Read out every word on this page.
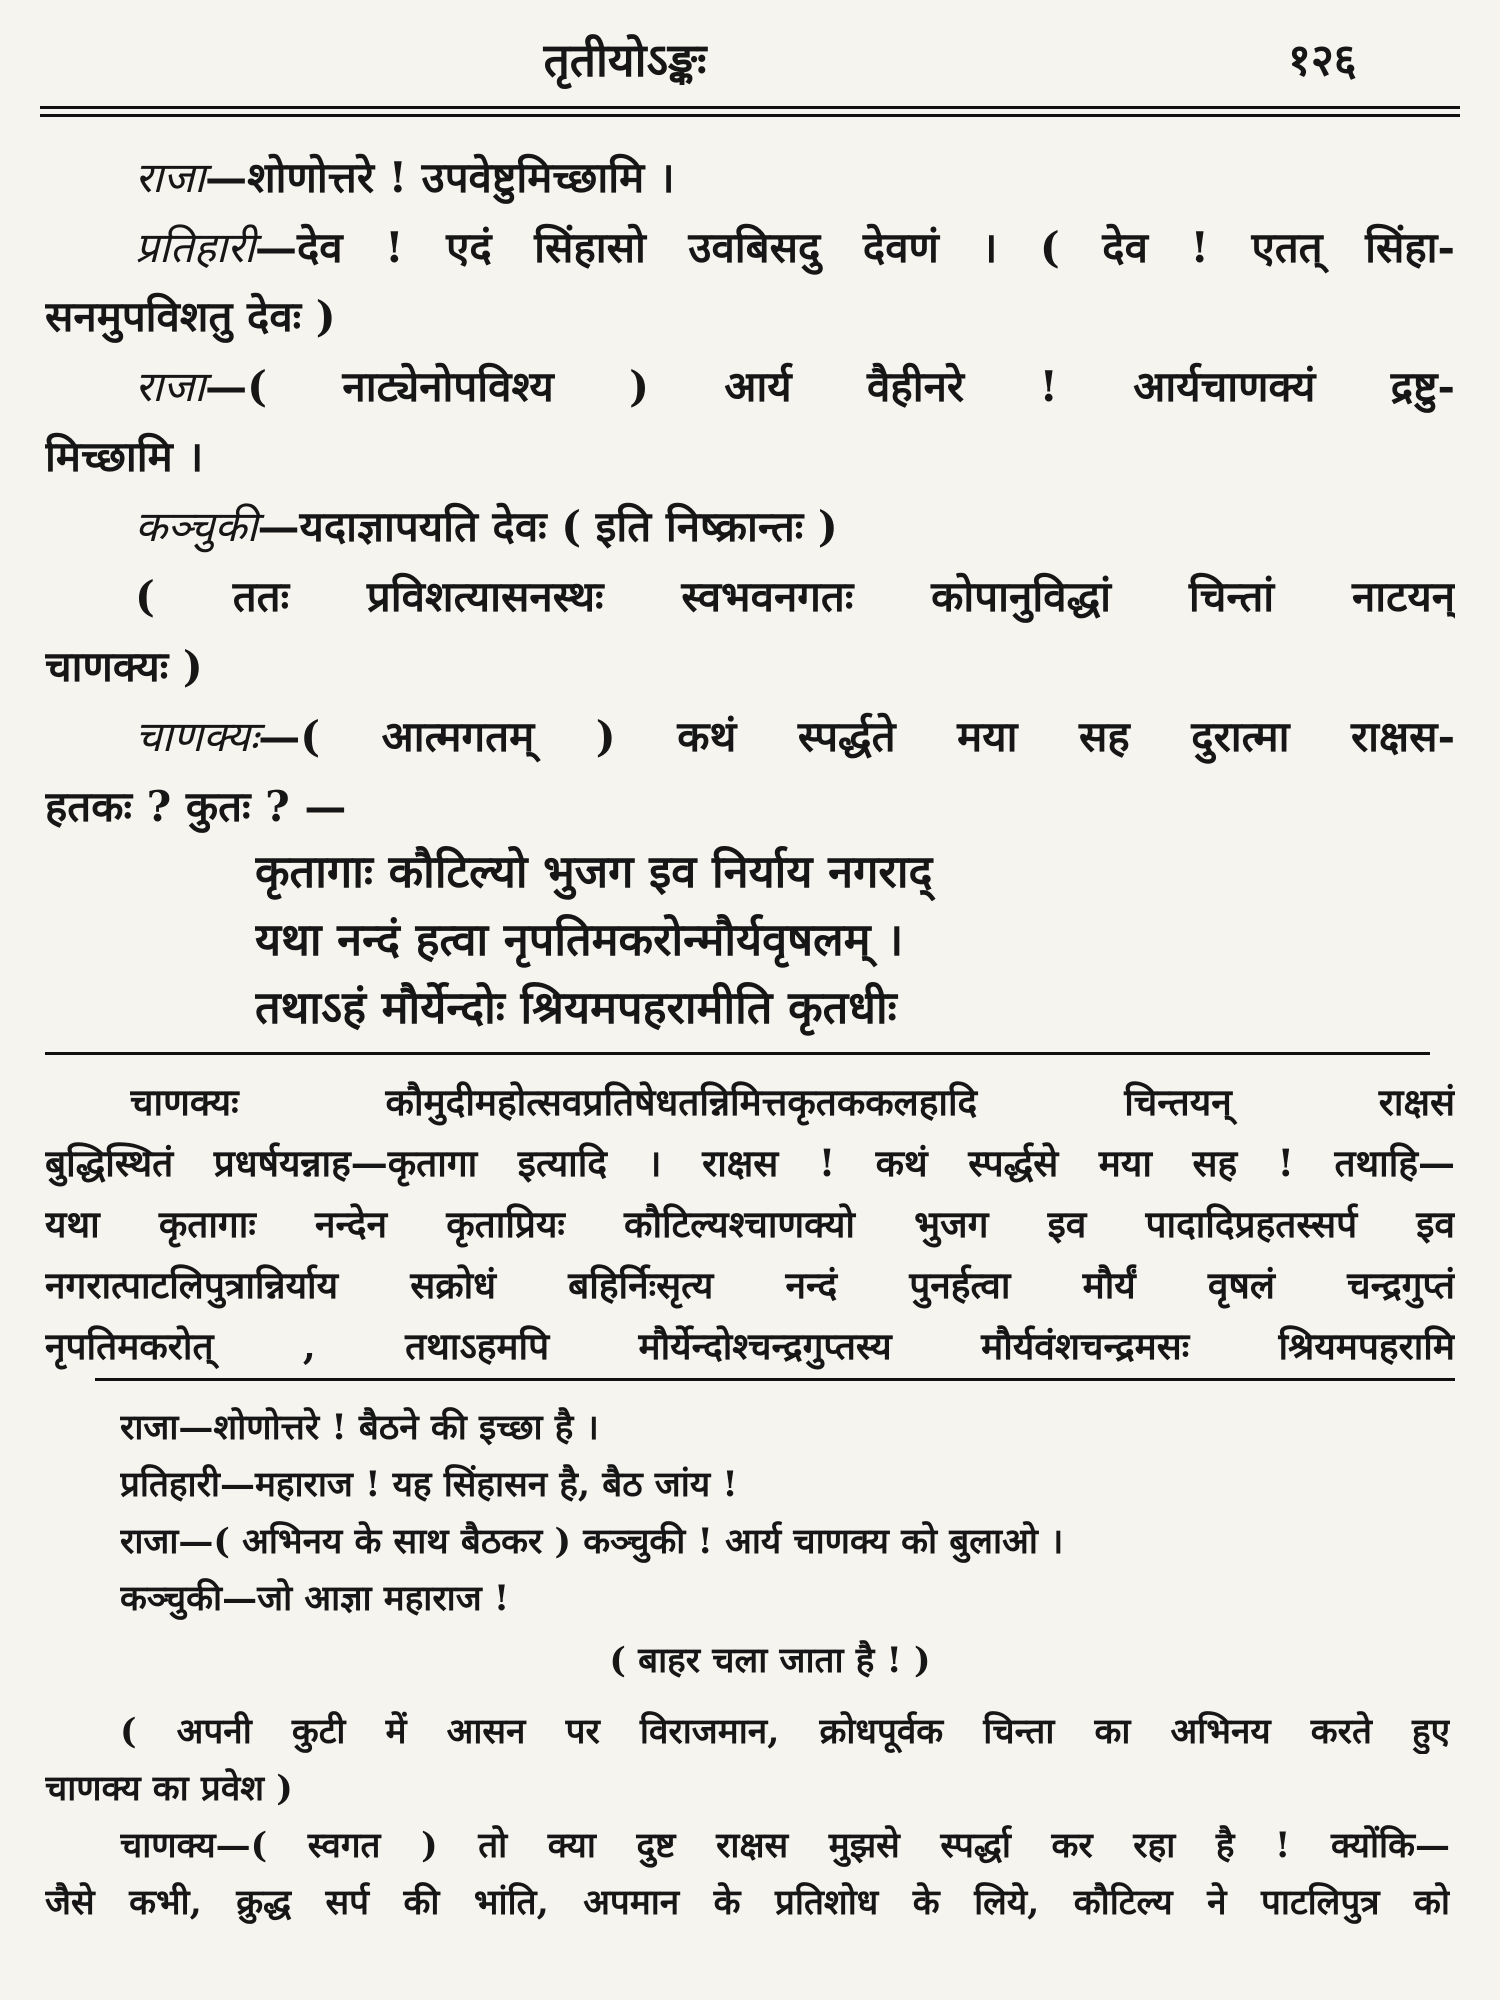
तृतीयोऽङ्कः	१२६
राजा—शोणोत्तरे ! उपवेष्टुमिच्छामि ।
प्रतिहारी—देव ! एदं सिंहासो उवबिसदु देवणं । ( देव ! एतत् सिंहा-
सनमुपविशतु देवः )
राजा—( नाट्येनोपविश्य ) आर्य वैहीनरे ! आर्यचाणक्यं द्रष्टु-
मिच्छामि ।
कञ्चुकी—यदाज्ञापयति देवः ( इति निष्क्रान्तः )
( ततः प्रविशत्यासनस्थः स्वभवनगतः कोपानुविद्धां चिन्तां नाटयन्
चाणक्यः )
चाणक्यः—( आत्मगतम् ) कथं स्पर्द्धते मया सह दुरात्मा राक्षस-
हतकः ? कुतः ? —
कृतागाः कौटिल्यो भुजग इव निर्याय नगराद्
यथा नन्दं हत्वा नृपतिमकरोन्मौर्यवृषलम् ।
तथाऽहं मौर्येन्दोः श्रियमपहरामीति कृतधीः
चाणक्यः कौमुदीमहोत्सवप्रतिषेधतन्निमित्तकृतककलहादि चिन्तयन् राक्षसं
बुद्धिस्थितं प्रधर्षयन्नाह—कृतागा इत्यादि । राक्षस ! कथं स्पर्द्धसे मया सह ! तथाहि—
यथा कृतागाः नन्देन कृताप्रियः कौटिल्यश्चाणक्यो भुजग इव पादादिप्रहतस्सर्प इव
नगरात्पाटलिपुत्रान्निर्याय सक्रोधं बहिर्निःसृत्य नन्दं पुनर्हत्वा मौर्यं वृषलं चन्द्रगुप्तं
नृपतिमकरोत् , तथाऽहमपि मौर्येन्दोश्चन्द्रगुप्तस्य मौर्यवंशचन्द्रमसः श्रियमपहरामि
राजा—शोणोत्तरे ! बैठने की इच्छा है ।
प्रतिहारी—महाराज ! यह सिंहासन है, बैठ जांय !
राजा—( अभिनय के साथ बैठकर ) कञ्चुकी ! आर्य चाणक्य को बुलाओ ।
कञ्चुकी—जो आज्ञा महाराज !
( बाहर चला जाता है ! )
( अपनी कुटी में आसन पर विराजमान, क्रोधपूर्वक चिन्ता का अभिनय करते हुए
चाणक्य का प्रवेश )
चाणक्य—( स्वगत ) तो क्या दुष्ट राक्षस मुझसे स्पर्द्धा कर रहा है ! क्योंकि—
जैसे कभी, क्रुद्ध सर्प की भांति, अपमान के प्रतिशोध के लिये, कौटिल्य ने पाटलिपुत्र को
